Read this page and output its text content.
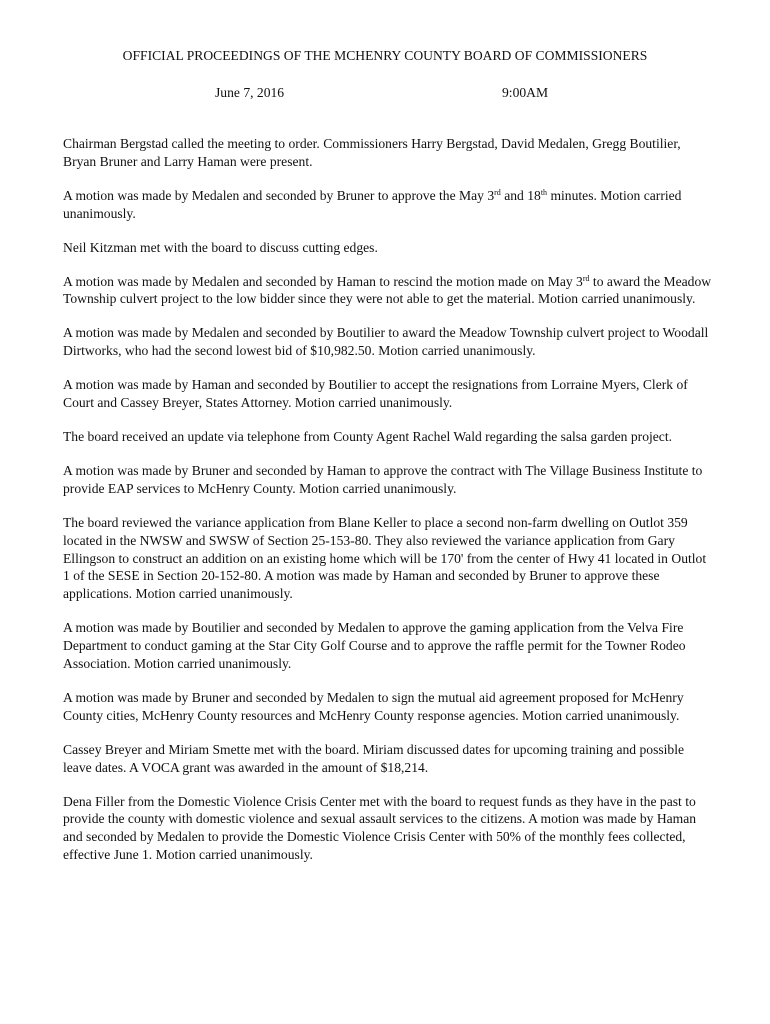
OFFICIAL PROCEEDINGS OF THE MCHENRY COUNTY BOARD OF COMMISSIONERS
June 7, 2016	9:00AM

Chairman Bergstad called the meeting to order. Commissioners Harry Bergstad, David Medalen, Gregg Boutilier, Bryan Bruner and Larry Haman were present.

A motion was made by Medalen and seconded by Bruner to approve the May 3rd and 18th minutes. Motion carried unanimously.

Neil Kitzman met with the board to discuss cutting edges.

A motion was made by Medalen and seconded by Haman to rescind the motion made on May 3rd to award the Meadow Township culvert project to the low bidder since they were not able to get the material. Motion carried unanimously.

A motion was made by Medalen and seconded by Boutilier to award the Meadow Township culvert project to Woodall Dirtworks, who had the second lowest bid of $10,982.50. Motion carried unanimously.

A motion was made by Haman and seconded by Boutilier to accept the resignations from Lorraine Myers, Clerk of Court and Cassey Breyer, States Attorney. Motion carried unanimously.

The board received an update via telephone from County Agent Rachel Wald regarding the salsa garden project.

A motion was made by Bruner and seconded by Haman to approve the contract with The Village Business Institute to provide EAP services to McHenry County. Motion carried unanimously.

The board reviewed the variance application from Blane Keller to place a second non-farm dwelling on Outlot 359 located in the NWSW and SWSW of Section 25-153-80. They also reviewed the variance application from Gary Ellingson to construct an addition on an existing home which will be 170' from the center of Hwy 41 located in Outlot 1 of the SESE in Section 20-152-80. A motion was made by Haman and seconded by Bruner to approve these applications. Motion carried unanimously.

A motion was made by Boutilier and seconded by Medalen to approve the gaming application from the Velva Fire Department to conduct gaming at the Star City Golf Course and to approve the raffle permit for the Towner Rodeo Association. Motion carried unanimously.

A motion was made by Bruner and seconded by Medalen to sign the mutual aid agreement proposed for McHenry County cities, McHenry County resources and McHenry County response agencies. Motion carried unanimously.

Cassey Breyer and Miriam Smette met with the board. Miriam discussed dates for upcoming training and possible leave dates. A VOCA grant was awarded in the amount of $18,214.

Dena Filler from the Domestic Violence Crisis Center met with the board to request funds as they have in the past to provide the county with domestic violence and sexual assault services to the citizens. A motion was made by Haman and seconded by Medalen to provide the Domestic Violence Crisis Center with 50% of the monthly fees collected, effective June 1. Motion carried unanimously.
